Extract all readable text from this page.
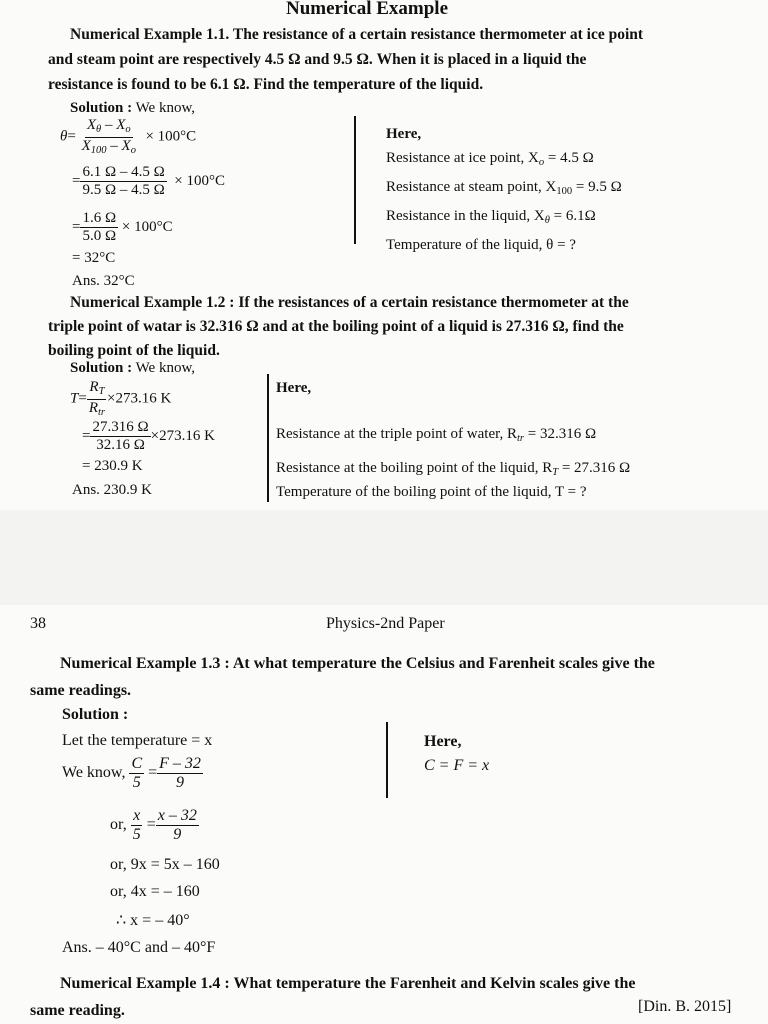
Numerical Example
Numerical Example 1.1. The resistance of a certain resistance thermometer at ice point
and steam point are respectively 4.5 Ω and 9.5 Ω. When it is placed in a liquid the
resistance is found to be 6.1 Ω. Find the temperature of the liquid.
Solution : We know,
$\theta= \frac{X_\theta - X_o}{X_{100} - X_o} \times 100^\circ C$
= $\frac{6.1 \Omega - 4.5 \Omega}{9.5 \Omega - 4.5 \Omega} \times 100^\circ C$
= $\frac{1.6 \Omega}{5.0 \Omega} \times 100^\circ C$
= 32°C
Ans. 32°C
Here,
Resistance at ice point, $X_o = 4.5$ Ω
Resistance at steam point, $X_{100} = 9.5$ Ω
Resistance in the liquid, $X_\theta = 6.1\Omega$
Temperature of the liquid, θ = ?
Numerical Example 1.2 : If the resistances of a certain resistance thermometer at the
triple point of watar is 32.316 Ω and at the boiling point of a liquid is 27.316 Ω, find the
boiling point of the liquid.
Solution : We know,
$T= \frac{R_T}{R_{tr}} \times 273.16$ K
= $\frac{27.316 \Omega}{32.16 \Omega} \times 273.16$ K
= 230.9 K
Ans. 230.9 K
Here,
Resistance at the triple point of water, $R_{tr} = 32.316$ Ω
Resistance at the boiling point of the liquid, $R_T = 27.316$ Ω
Temperature of the boiling point of the liquid, T = ?
38	Physics-2nd Paper
Numerical Example 1.3 : At what temperature the Celsius and Farenheit scales give the
same readings.
Solution :
Let the temperature = x
We know, $\frac{C}{5} = \frac{F - 32}{9}$
or, $\frac{x}{5} = \frac{x - 32}{9}$
or, 9x = 5x – 160
or, 4x = – 160
∴ x = – 40°
Ans. – 40°C and – 40°F
Here,
C = F = x
Numerical Example 1.4 : What temperature the Farenheit and Kelvin scales give the
same reading.	[Din. B. 2015]
